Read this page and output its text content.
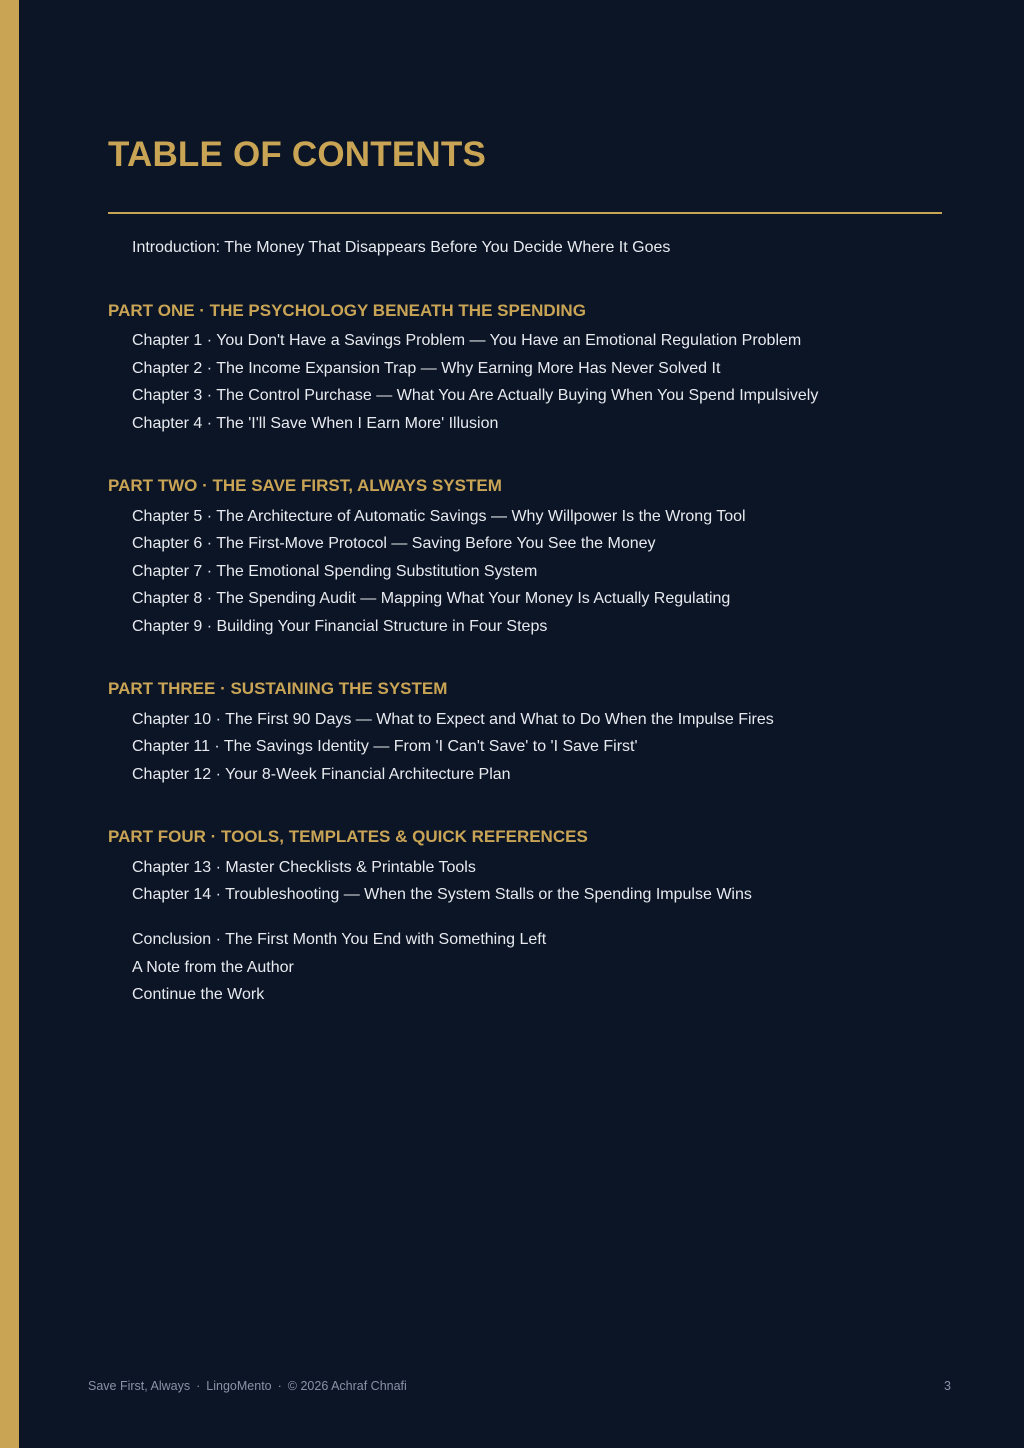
TABLE OF CONTENTS
Introduction: The Money That Disappears Before You Decide Where It Goes
PART ONE · THE PSYCHOLOGY BENEATH THE SPENDING
Chapter 1 · You Don't Have a Savings Problem — You Have an Emotional Regulation Problem
Chapter 2 · The Income Expansion Trap — Why Earning More Has Never Solved It
Chapter 3 · The Control Purchase — What You Are Actually Buying When You Spend Impulsively
Chapter 4 · The 'I'll Save When I Earn More' Illusion
PART TWO · THE SAVE FIRST, ALWAYS SYSTEM
Chapter 5 · The Architecture of Automatic Savings — Why Willpower Is the Wrong Tool
Chapter 6 · The First-Move Protocol — Saving Before You See the Money
Chapter 7 · The Emotional Spending Substitution System
Chapter 8 · The Spending Audit — Mapping What Your Money Is Actually Regulating
Chapter 9 · Building Your Financial Structure in Four Steps
PART THREE · SUSTAINING THE SYSTEM
Chapter 10 · The First 90 Days — What to Expect and What to Do When the Impulse Fires
Chapter 11 · The Savings Identity — From 'I Can't Save' to 'I Save First'
Chapter 12 · Your 8-Week Financial Architecture Plan
PART FOUR · TOOLS, TEMPLATES & QUICK REFERENCES
Chapter 13 · Master Checklists & Printable Tools
Chapter 14 · Troubleshooting — When the System Stalls or the Spending Impulse Wins
Conclusion · The First Month You End with Something Left
A Note from the Author
Continue the Work
Save First, Always · LingoMento · © 2026 Achraf Chnafi	3
